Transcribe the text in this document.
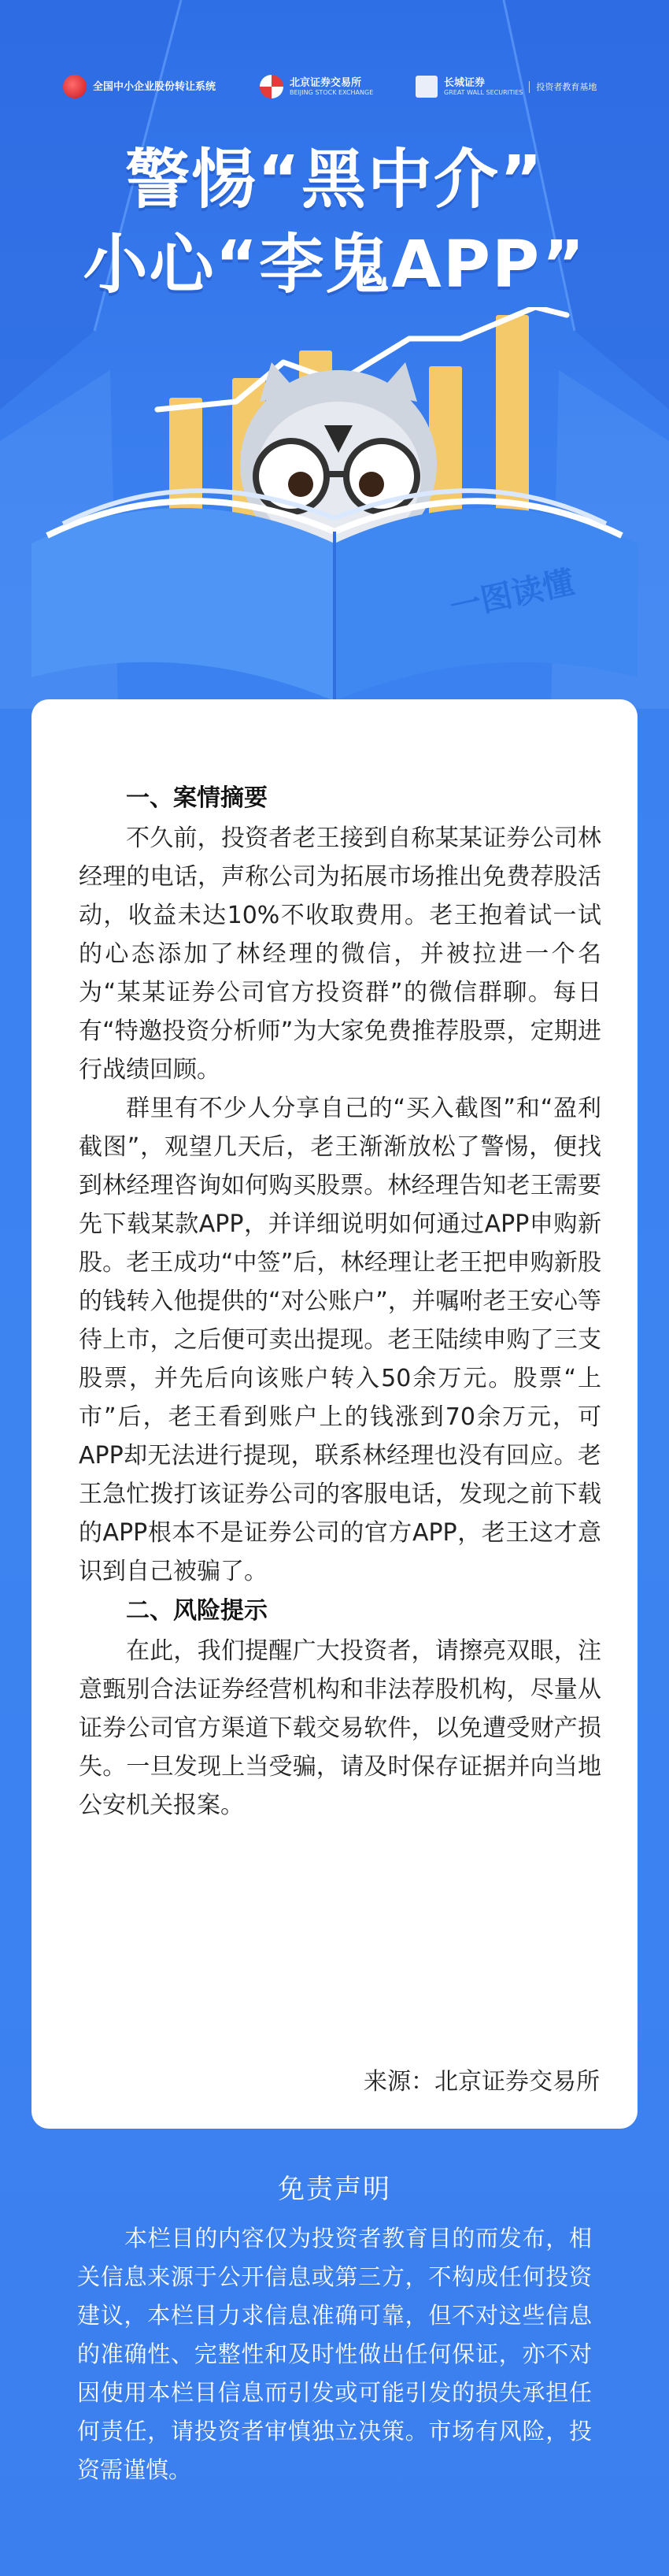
全国中小企业股份转让系统	北京证券交易所
BEIJING STOCK EXCHANGE
长城证券
GREAT WALL SECURITIES
投资者教育基地
警惕“黑中介”
小心“李鬼APP”
一图读懂
一、案情摘要

不久前，投资者老王接到自称某某证券公司林经理的电话，声称公司为拓展市场推出免费荐股活动，收益未达10%不收取费用。老王抱着试一试的心态添加了林经理的微信，并被拉进一个名为“某某证券公司官方投资群”的微信群聊。每日有“特邀投资分析师”为大家免费推荐股票，定期进行战绩回顾。

群里有不少人分享自己的“买入截图”和“盈利截图”，观望几天后，老王渐渐放松了警惕，便找到林经理咨询如何购买股票。林经理告知老王需要先下载某款APP，并详细说明如何通过APP申购新股。老王成功“中签”后，林经理让老王把申购新股的钱转入他提供的“对公账户”，并嘱咐老王安心等待上市，之后便可卖出提现。老王陆续申购了三支股票，并先后向该账户转入50余万元。股票“上市”后，老王看到账户上的钱涨到70余万元，可APP却无法进行提现，联系林经理也没有回应。老王急忙拨打该证券公司的客服电话，发现之前下载的APP根本不是证券公司的官方APP，老王这才意识到自己被骗了。

二、风险提示

在此，我们提醒广大投资者，请擦亮双眼，注意甄别合法证券经营机构和非法荐股机构，尽量从证券公司官方渠道下载交易软件，以免遭受财产损失。一旦发现上当受骗，请及时保存证据并向当地公安机关报案。

来源：北京证券交易所
免责声明
本栏目的内容仅为投资者教育目的而发布，相关信息来源于公开信息或第三方，不构成任何投资建议，本栏目力求信息准确可靠，但不对这些信息的准确性、完整性和及时性做出任何保证，亦不对因使用本栏目信息而引发或可能引发的损失承担任何责任，请投资者审慎独立决策。市场有风险，投资需谨慎。
